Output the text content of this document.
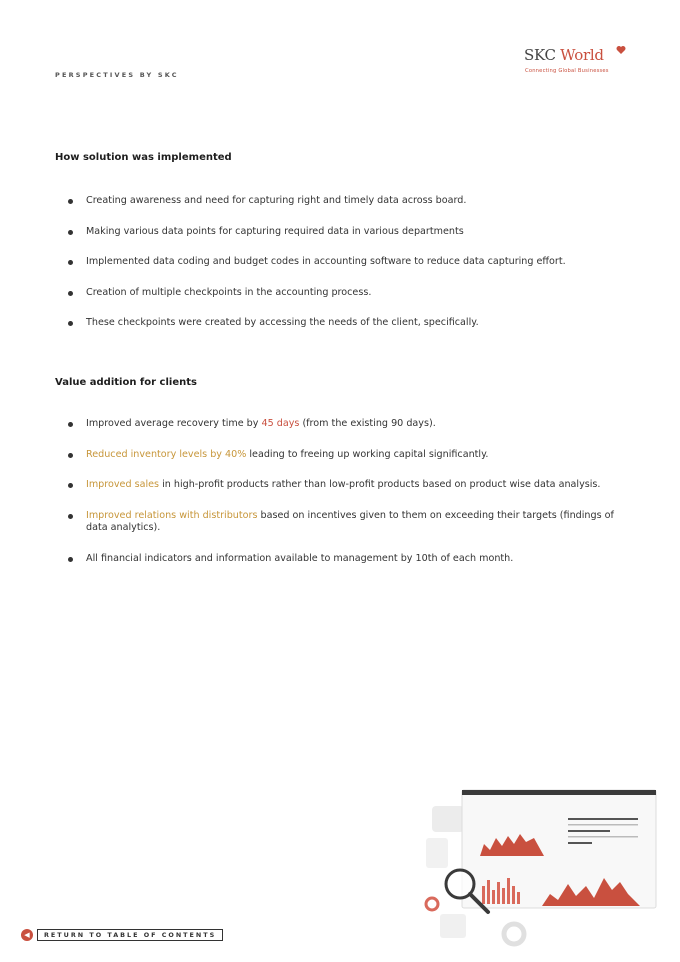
PERSPECTIVES BY SKC
SKC World
Connecting Global Businesses
How solution was implemented
Creating awareness and need for capturing right and timely data across board.
Making various data points for capturing required data in various departments
Implemented data coding and budget codes in accounting software to reduce data capturing effort.
Creation of multiple checkpoints in the accounting process.
These checkpoints were created by accessing the needs of the client, specifically.
Value addition for clients
Improved average recovery time by 45 days (from the existing 90 days).
Reduced inventory levels by 40% leading to freeing up working capital significantly.
Improved sales in high-profit products rather than low-profit products based on product wise data analysis.
Improved relations with distributors based on incentives given to them on exceeding their targets (findings of data analytics).
All financial indicators and information available to management by 10th of each month.
◀	RETURN TO TABLE OF CONTENTS
